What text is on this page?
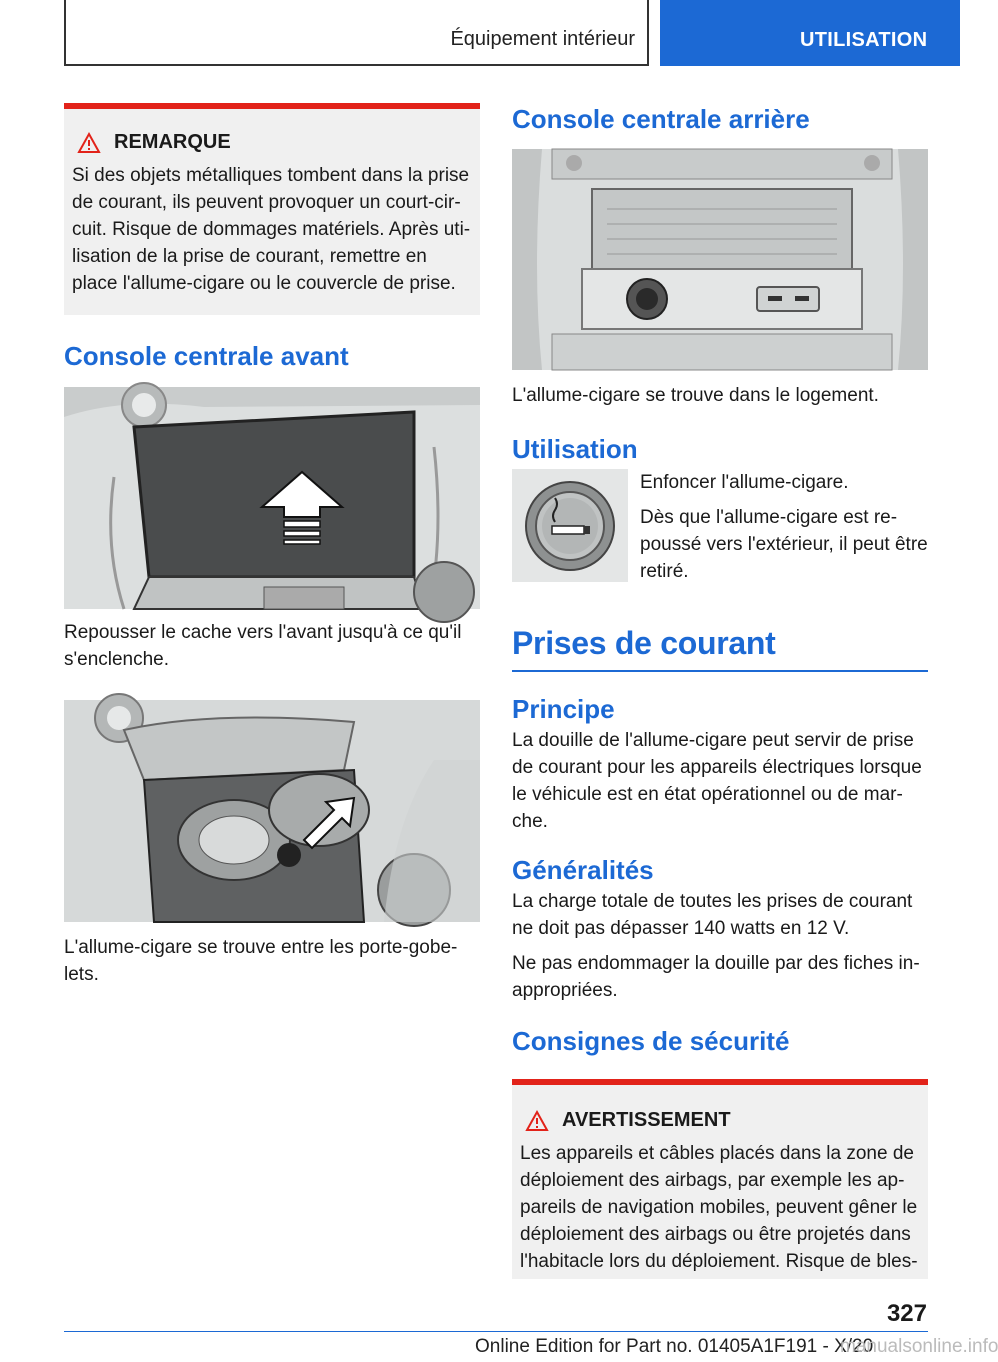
Équipement intérieur	UTILISATION
REMARQUE
Si des objets métalliques tombent dans la prise
de courant, ils peuvent provoquer un court-cir‐
cuit. Risque de dommages matériels. Après uti‐
lisation de la prise de courant, remettre en
place l'allume-cigare ou le couvercle de prise.
Console centrale avant
Repousser le cache vers l'avant jusqu'à ce qu'il
s'enclenche.
L'allume-cigare se trouve entre les porte-gobe‐
lets.
Console centrale arrière
L'allume-cigare se trouve dans le logement.
Utilisation
Enfoncer l'allume-cigare.
Dès que l'allume-cigare est re‐
poussé vers l'extérieur, il peut être
retiré.
Prises de courant
Principe
La douille de l'allume-cigare peut servir de prise
de courant pour les appareils électriques lorsque
le véhicule est en état opérationnel ou de mar‐
che.
Généralités
La charge totale de toutes les prises de courant
ne doit pas dépasser 140 watts en 12 V.
Ne pas endommager la douille par des fiches in‐
appropriées.
Consignes de sécurité
AVERTISSEMENT
Les appareils et câbles placés dans la zone de
déploiement des airbags, par exemple les ap‐
pareils de navigation mobiles, peuvent gêner le
déploiement des airbags ou être projetés dans
l'habitacle lors du déploiement. Risque de bles‐
327
Online Edition for Part no. 01405A1F191 - X/20
manualsonline.info
